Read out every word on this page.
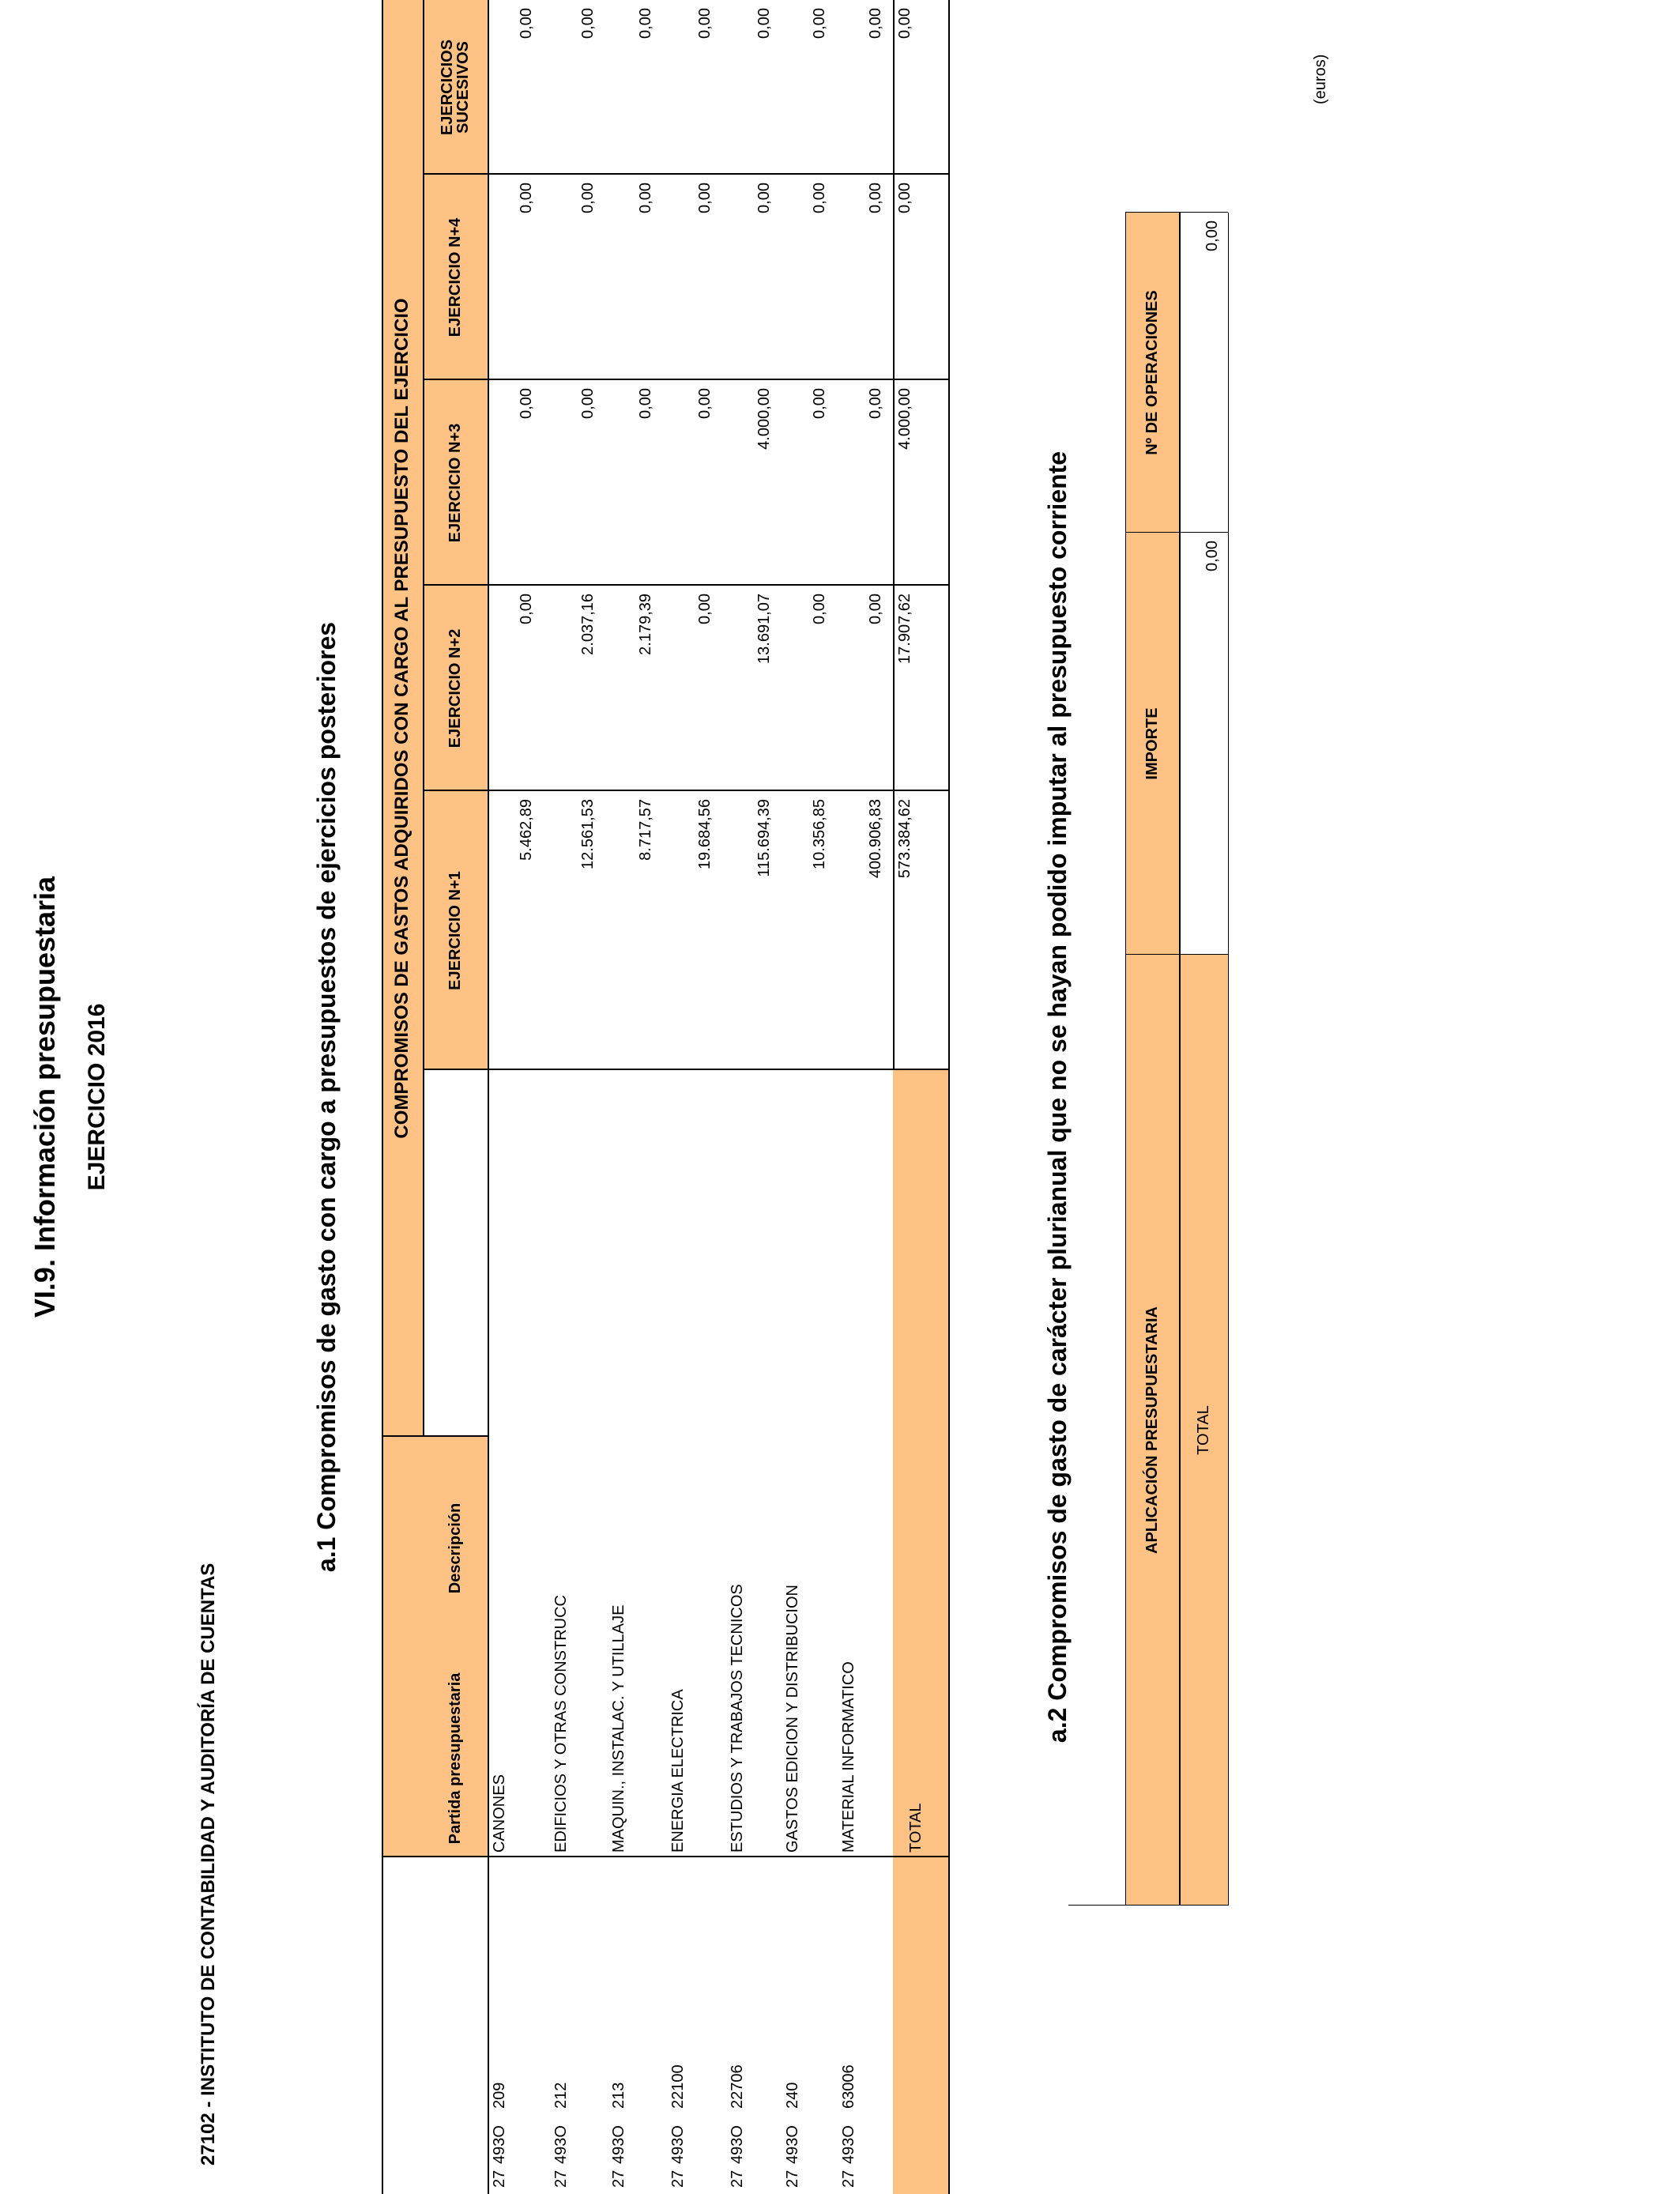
VI.9. Información presupuestaria EJERCICIO 2016
27102 - INSTITUTO DE CONTABILIDAD Y AUDITORÍA DE CUENTAS
a.1 Compromisos de gasto con cargo a presupuestos de ejercicios posteriores
(euros)
Partida presupuestaria
Descripción
COMPROMISOS DE GASTOS ADQUIRIDOS CON CARGO AL PRESUPUESTO DEL EJERCICIO	EJERCICIO N+1
EJERCICIO N+2
EJERCICIO N+3
EJERCICIO N+4
EJERCICIOS
SUCESIVOS
27
493O
209
CANONES
5.462,89
0,00
0,00
0,00
0,00
27
493O
212
EDIFICIOS Y OTRAS CONSTRUCC
12.561,53
2.037,16
0,00
0,00
0,00
27
493O
213
MAQUIN., INSTALAC. Y UTILLAJE
8.717,57
2.179,39
0,00
0,00
0,00
27
493O
22100
ENERGIA ELECTRICA
19.684,56
0,00
0,00
0,00
0,00
27
493O
22706
ESTUDIOS Y TRABAJOS TECNICOS
115.694,39
13.691,07
4.000,00
0,00
0,00
27
493O
240
GASTOS EDICION Y DISTRIBUCION
10.356,85
0,00
0,00
0,00
0,00
27
493O
63006
MATERIAL INFORMATICO
400.906,83
0,00
0,00
0,00
0,00
TOTAL
573.384,62
17.907,62
4.000,00
0,00
0,00
a.2 Compromisos de gasto de carácter plurianual que no se hayan podido imputar al presupuesto corriente	APLICACIÓN PRESUPUESTARIA
IMPORTE
Nº DE OPERACIONES
TOTAL
0,00
0,00
